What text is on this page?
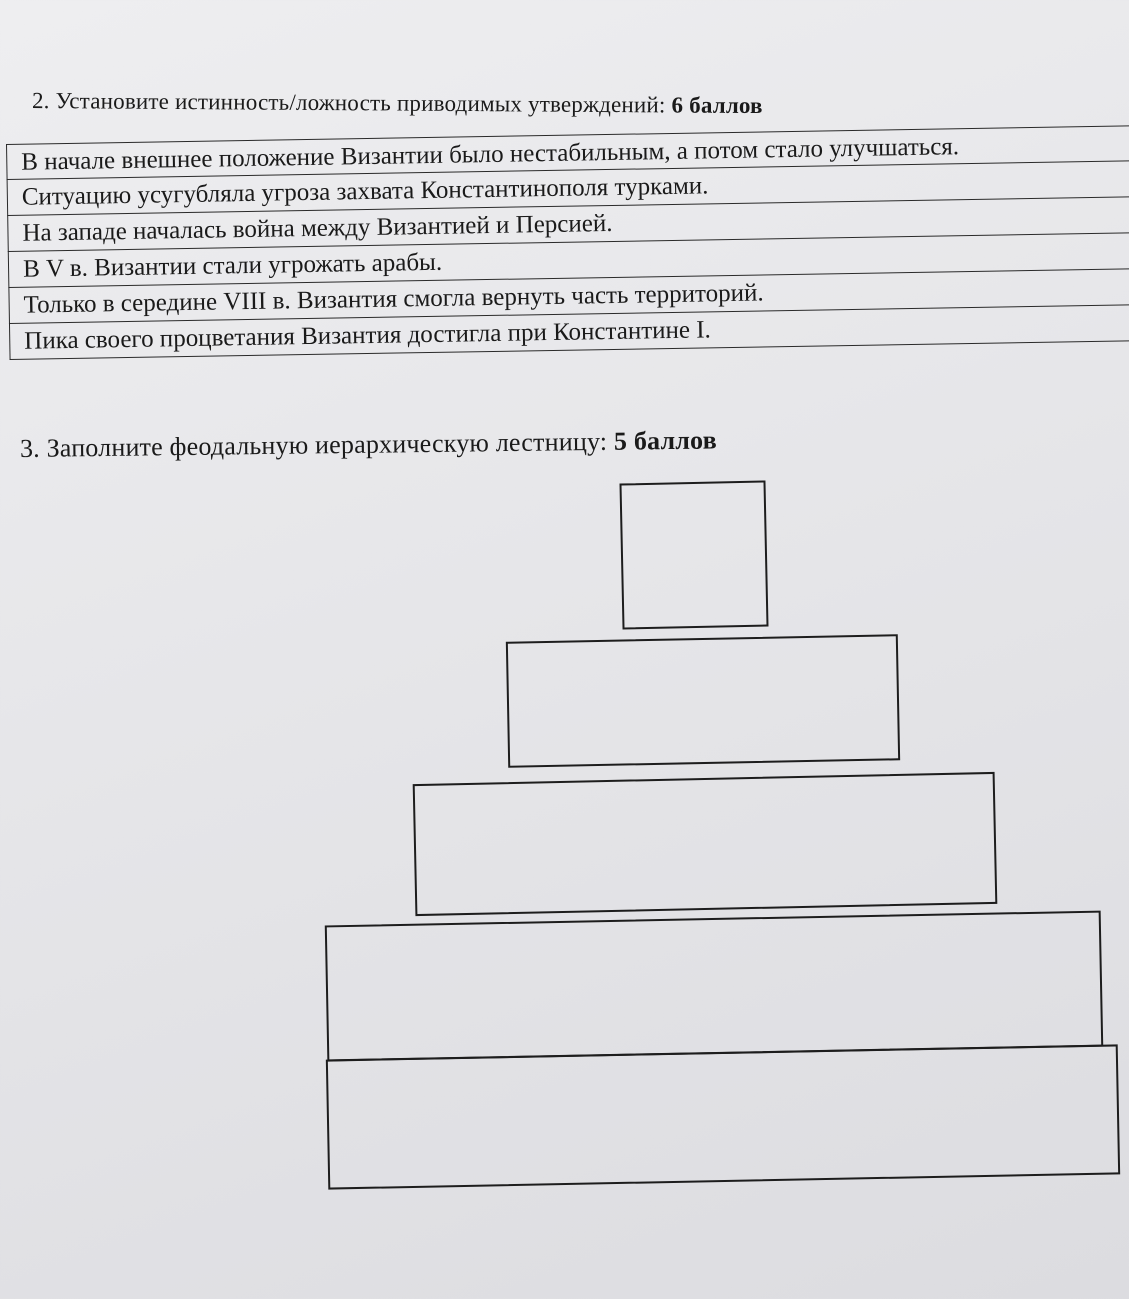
2. Установите истинность/ложность приводимых утверждений: 6 баллов
В начале внешнее положение Византии было нестабильным, а потом стало улучшаться.
Ситуацию усугубляла угроза захвата Константинополя турками.
На западе началась война между Византией и Персией.
В V в. Византии стали угрожать арабы.
Только в середине VIII в. Византия смогла вернуть часть территорий.
Пика своего процветания Византия достигла при Константине I.
3. Заполните феодальную иерархическую лестницу: 5 баллов
